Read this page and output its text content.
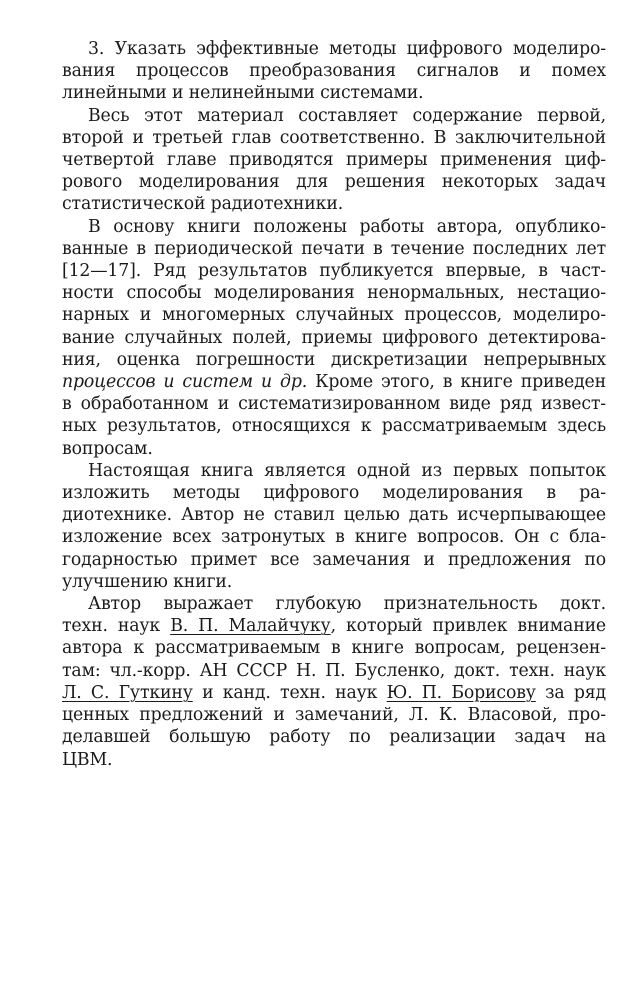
3. Указать эффективные методы цифрового моделиро-
вания процессов преобразования сигналов и помех
линейными и нелинейными системами.

Весь этот материал составляет содержание первой,
второй и третьей глав соответственно. В заключительной
четвертой главе приводятся примеры применения циф-
рового моделирования для решения некоторых задач
статистической радиотехники.

В основу книги положены работы автора, опублико-
ванные в периодической печати в течение последних лет
[12—17]. Ряд результатов публикуется впервые, в част-
ности способы моделирования ненормальных, нестацио-
нарных и многомерных случайных процессов, моделиро-
вание случайных полей, приемы цифрового детектирова-
ния, оценка погрешности дискретизации непрерывных
процессов и систем и др. Кроме этого, в книге приведен
в обработанном и систематизированном виде ряд извест-
ных результатов, относящихся к рассматриваемым здесь
вопросам.

Настоящая книга является одной из первых попыток
изложить методы цифрового моделирования в ра-
диотехнике. Автор не ставил целью дать исчерпывающее
изложение всех затронутых в книге вопросов. Он с бла-
годарностью примет все замечания и предложения по
улучшению книги.

Автор выражает глубокую признательность докт.
техн. наук В. П. Малайчуку, который привлек внимание
автора к рассматриваемым в книге вопросам, рецензен-
там: чл.-корр. АН СССР Н. П. Бусленко, докт. техн. наук
Л. С. Гуткину и канд. техн. наук Ю. П. Борисову за ряд
ценных предложений и замечаний, Л. К. Власовой, про-
делавшей большую работу по реализации задач на
ЦВМ.
